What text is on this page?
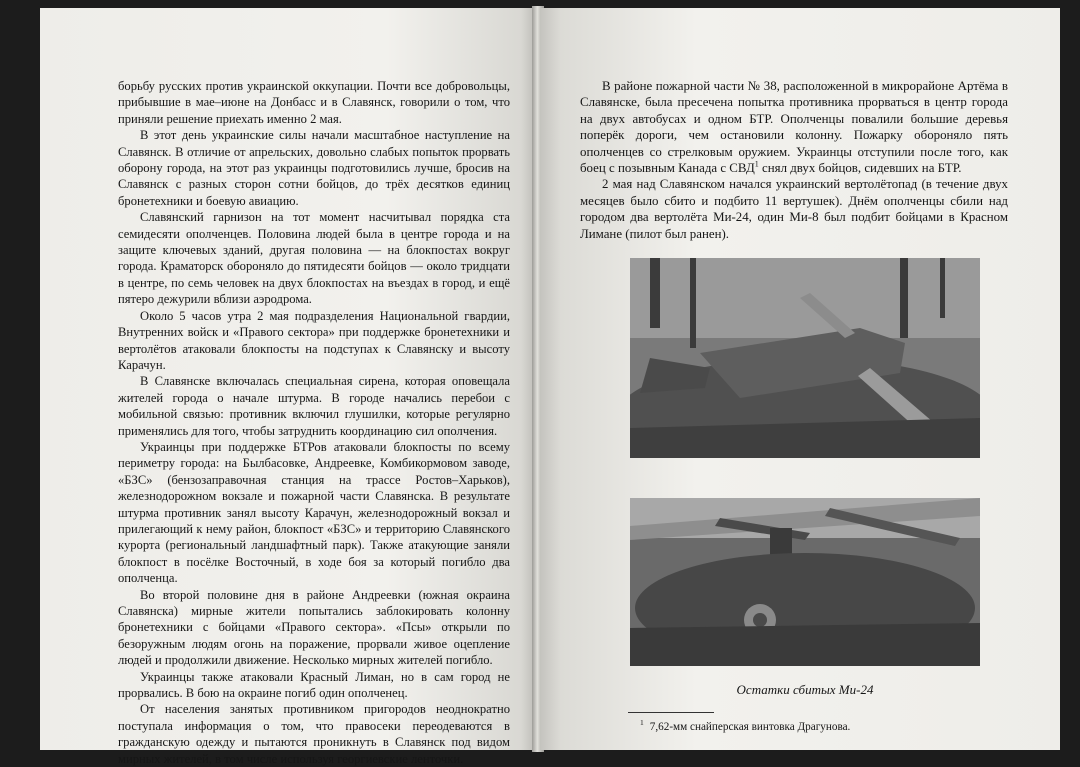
борьбу русских против украинской оккупации. Почти все добровольцы, прибывшие в мае–июне на Донбасс и в Славянск, говорили о том, что приняли решение приехать именно 2 мая.

В этот день украинские силы начали масштабное наступление на Славянск. В отличие от апрельских, довольно слабых попыток прорвать оборону города, на этот раз украинцы подготовились лучше, бросив на Славянск с разных сторон сотни бойцов, до трёх десятков единиц бронетехники и боевую авиацию.

Славянский гарнизон на тот момент насчитывал порядка ста семидесяти ополченцев. Половина людей была в центре города и на защите ключевых зданий, другая половина — на блокпостах вокруг города. Краматорск обороняло до пятидесяти бойцов — около тридцати в центре, по семь человек на двух блокпостах на въездах в город, и ещё пятеро дежурили вблизи аэродрома.

Около 5 часов утра 2 мая подразделения Национальной гвардии, Внутренних войск и «Правого сектора» при поддержке бронетехники и вертолётов атаковали блокпосты на подступах к Славянску и высоту Карачун.

В Славянске включалась специальная сирена, которая оповещала жителей города о начале штурма. В городе начались перебои с мобильной связью: противник включил глушилки, которые регулярно применялись для того, чтобы затруднить координацию сил ополчения.

Украинцы при поддержке БТРов атаковали блокпосты по всему периметру города: на Былбасовке, Андреевке, Комбикормовом заводе, «БЗС» (бензозаправочная станция на трассе Ростов–Харьков), железнодорожном вокзале и пожарной части Славянска. В результате штурма противник занял высоту Карачун, железнодорожный вокзал и прилегающий к нему район, блокпост «БЗС» и территорию Славянского курорта (региональный ландшафтный парк). Также атакующие заняли блокпост в посёлке Восточный, в ходе боя за который погибло два ополченца.

Во второй половине дня в районе Андреевки (южная окраина Славянска) мирные жители попытались заблокировать колонну бронетехники с бойцами «Правого сектора». «Псы» открыли по безоружным людям огонь на поражение, прорвали живое оцепление людей и продолжили движение. Несколько мирных жителей погибло.

Украинцы также атаковали Красный Лиман, но в сам город не прорвались. В бою на окраине погиб один ополченец.

От населения занятых противником пригородов неоднократно поступала информация о том, что правосеки переодеваются в гражданскую одежду и пытаются проникнуть в Славянск под видом мирных жителей, в том числе используя георгиевские ленточки.

В районе пожарной части № 38, расположенной в микрорайоне Артёма в Славянске, была пресечена попытка противника прорваться в центр города на двух автобусах и одном БТР. Ополченцы повалили большие деревья поперёк дороги, чем остановили колонну. Пожарку обороняло пять ополченцев со стрелковым оружием. Украинцы отступили после того, как боец с позывным Канада с СВД$^1$ снял двух бойцов, сидевших на БТР.

2 мая над Славянском начался украинский вертолётопад (в течение двух месяцев было сбито и подбито 11 вертушек). Днём ополченцы сбили над городом два вертолёта Ми-24, один Ми-8 был подбит бойцами в Красном Лимане (пилот был ранен).

Остатки сбитых Ми-24
$^1$ 7,62-мм снайперская винтовка Драгунова.
